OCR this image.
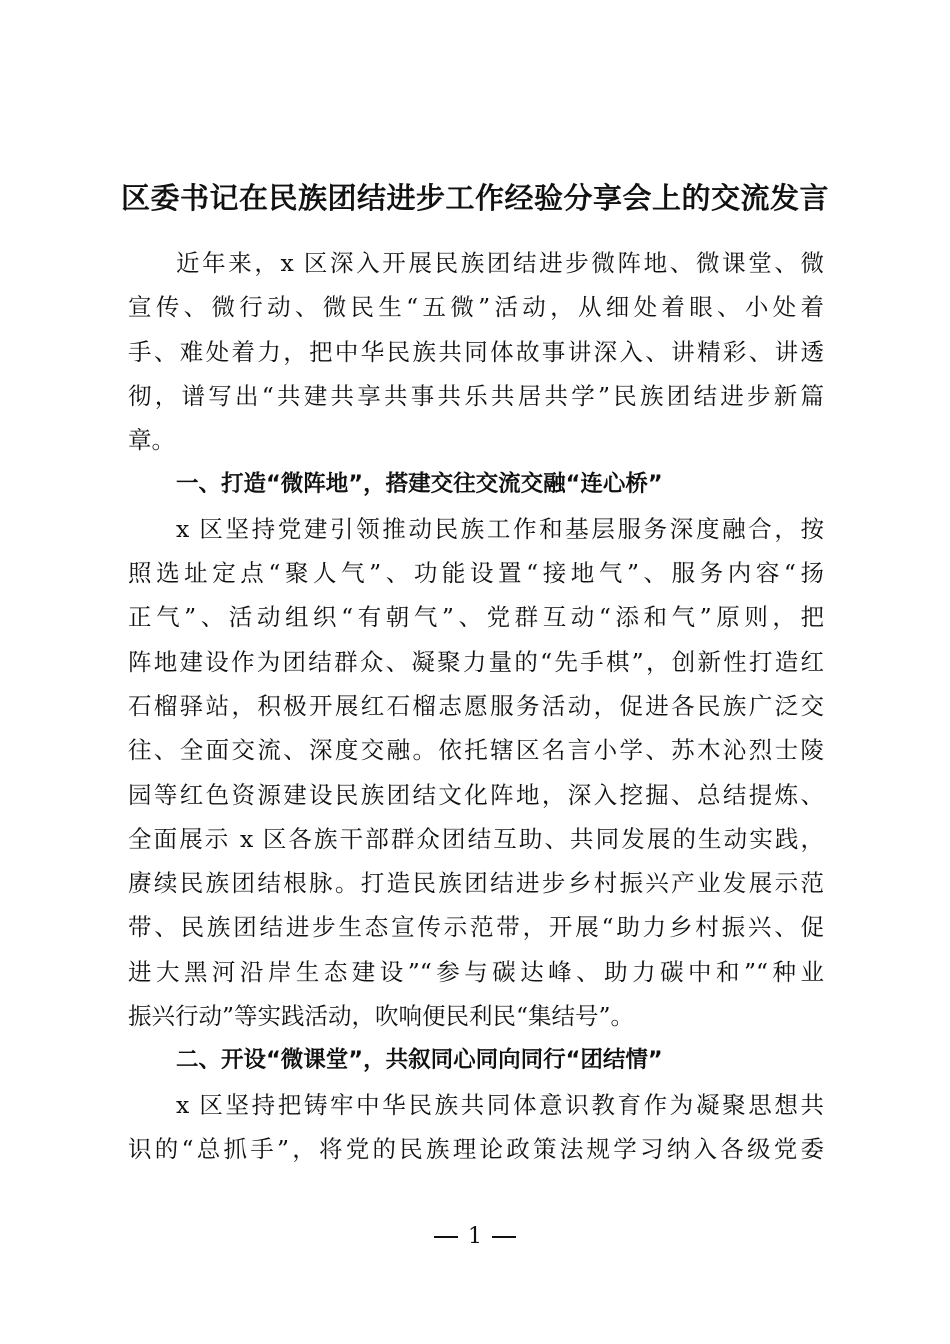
区委书记在民族团结进步工作经验分享会上的交流发言
近年来，x 区深入开展民族团结进步微阵地、微课堂、微
宣传、微行动、微民生“五微”活动，从细处着眼、小处着
手、难处着力，把中华民族共同体故事讲深入、讲精彩、讲透
彻，谱写出“共建共享共事共乐共居共学”民族团结进步新篇
章。
一、打造“微阵地”，搭建交往交流交融“连心桥”
x 区坚持党建引领推动民族工作和基层服务深度融合，按
照选址定点“聚人气”、功能设置“接地气”、服务内容“扬
正气”、活动组织“有朝气”、党群互动“添和气”原则，把
阵地建设作为团结群众、凝聚力量的“先手棋”，创新性打造红
石榴驿站，积极开展红石榴志愿服务活动，促进各民族广泛交
往、全面交流、深度交融。依托辖区名言小学、苏木沁烈士陵
园等红色资源建设民族团结文化阵地，深入挖掘、总结提炼、
全面展示 x 区各族干部群众团结互助、共同发展的生动实践，
赓续民族团结根脉。打造民族团结进步乡村振兴产业发展示范
带、民族团结进步生态宣传示范带，开展“助力乡村振兴、促
进大黑河沿岸生态建设”“参与碳达峰、助力碳中和”“种业
振兴行动”等实践活动，吹响便民利民“集结号”。
二、开设“微课堂”，共叙同心同向同行“团结情”
x 区坚持把铸牢中华民族共同体意识教育作为凝聚思想共
识的“总抓手”，将党的民族理论政策法规学习纳入各级党委
1
